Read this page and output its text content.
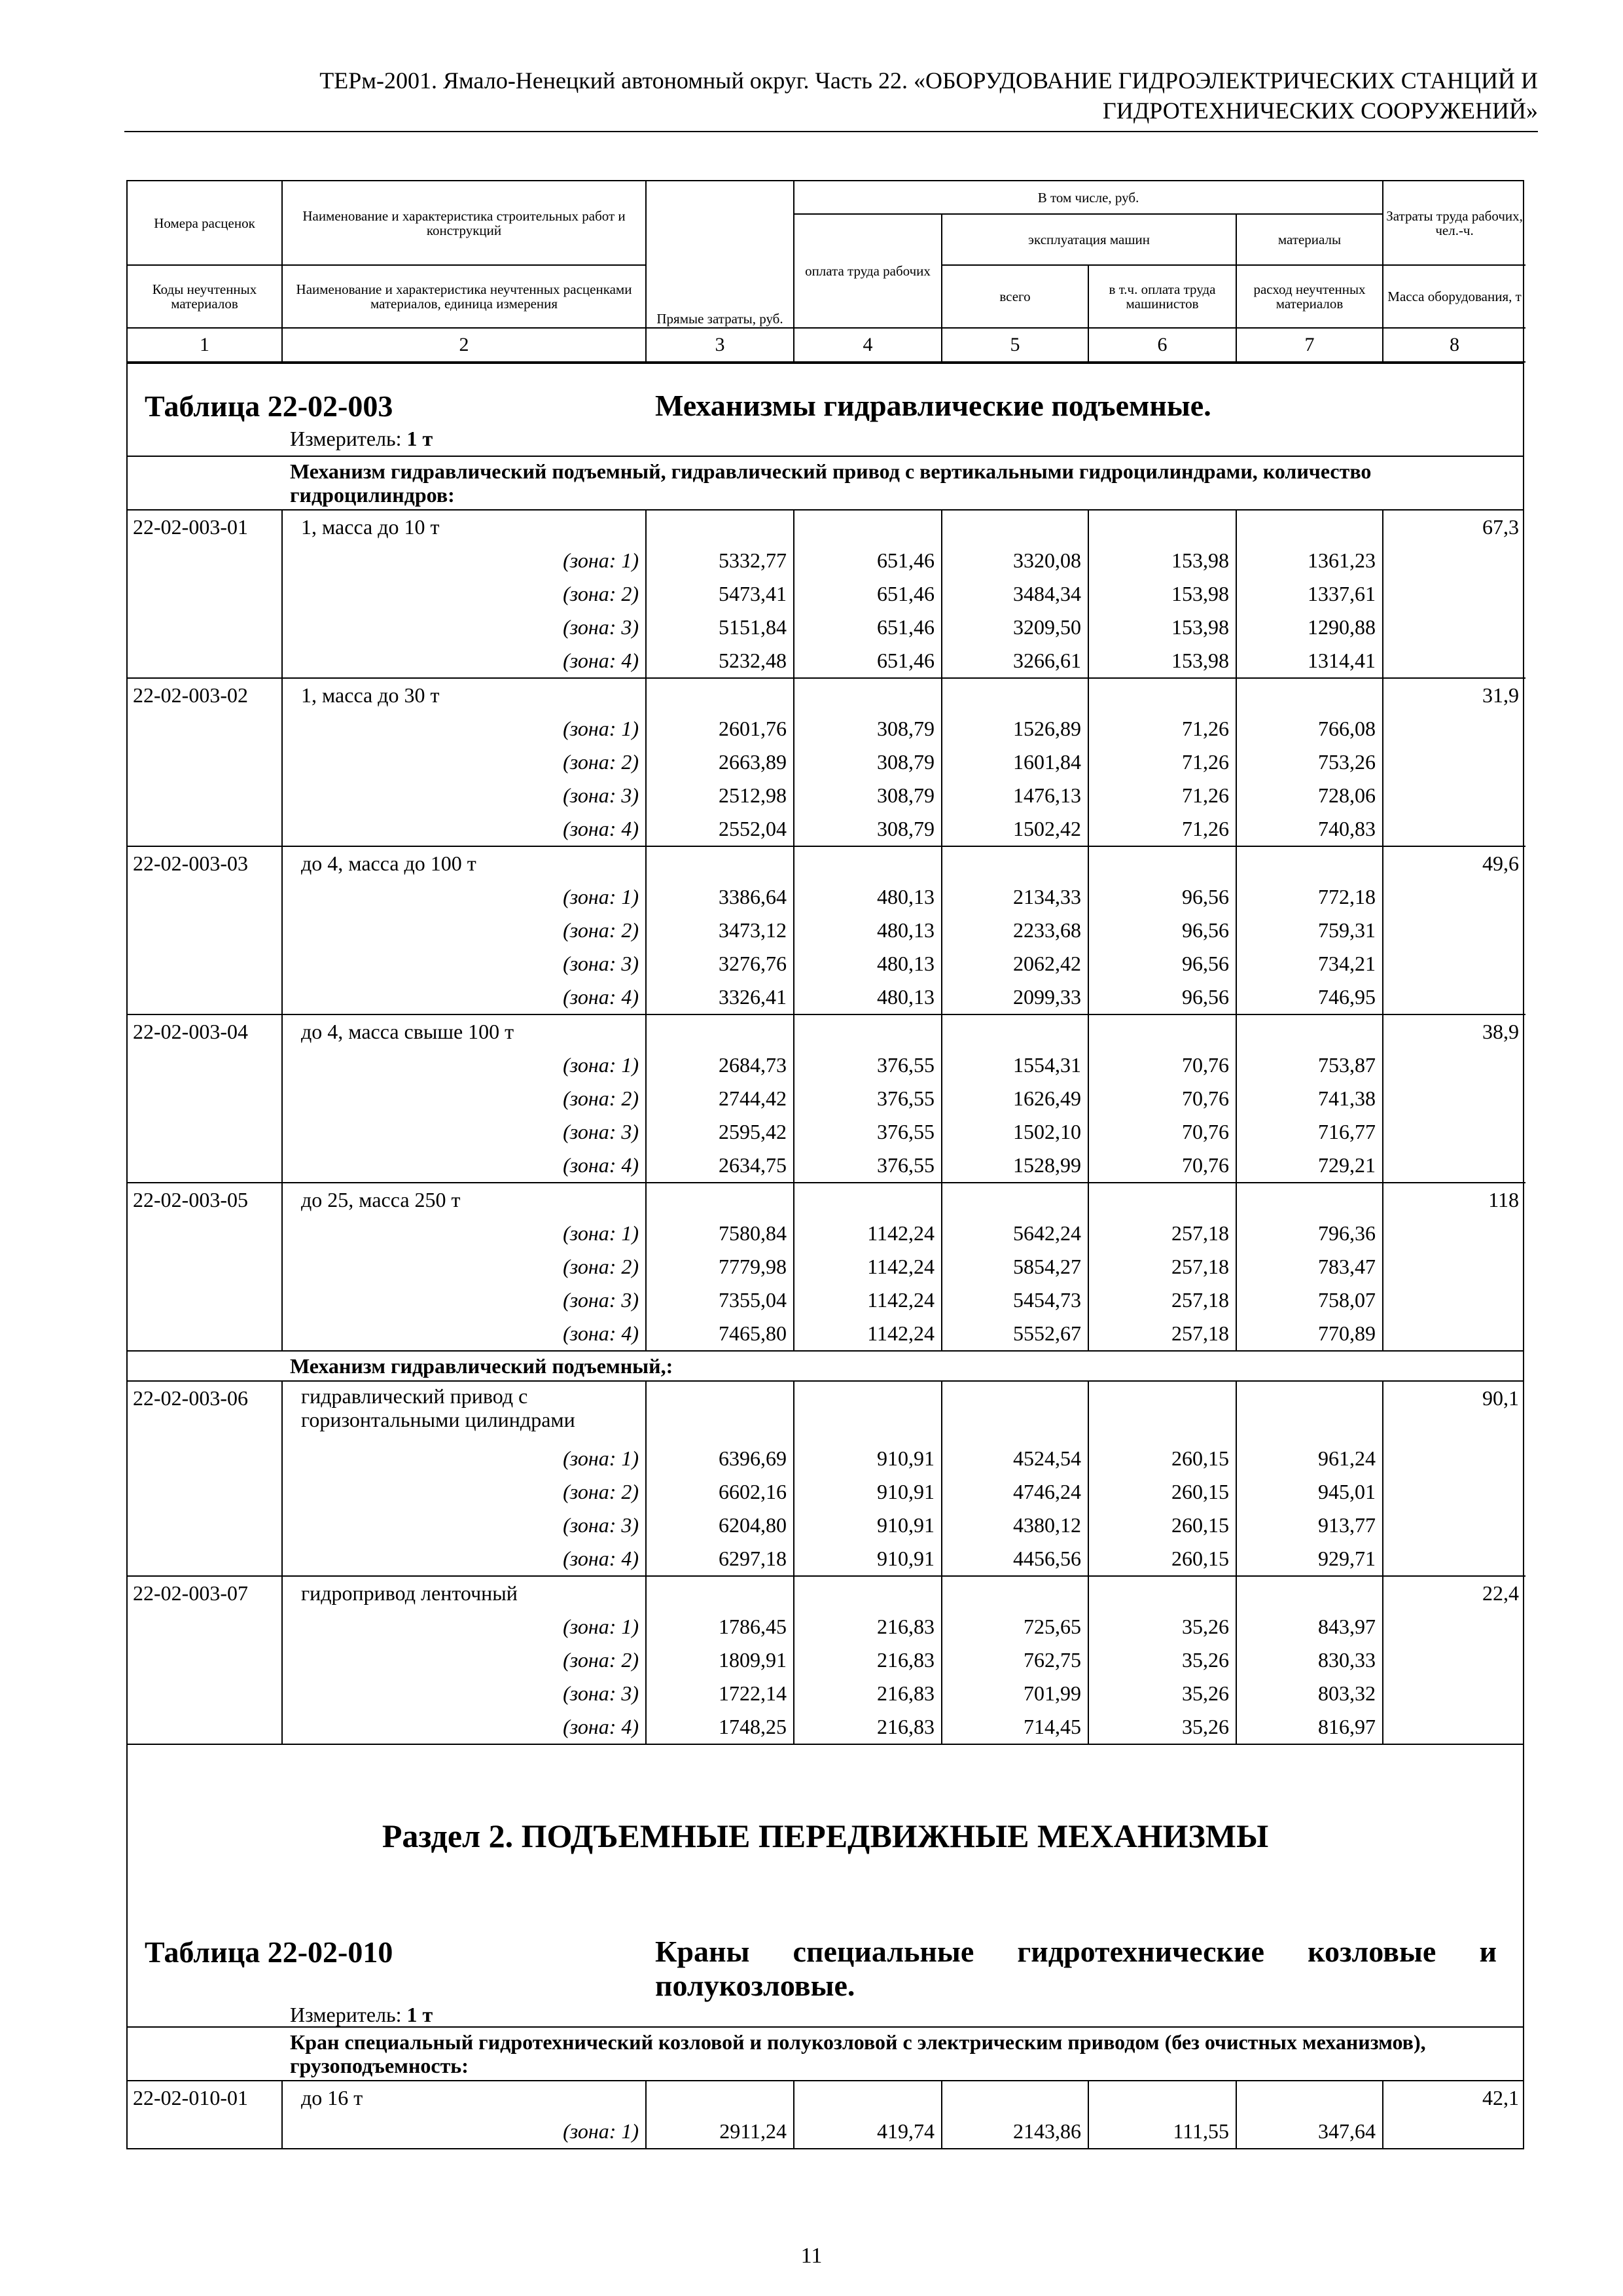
ТЕРм-2001. Ямало-Ненецкий автономный округ. Часть 22. «ОБОРУДОВАНИЕ ГИДРОЭЛЕКТРИЧЕСКИХ СТАНЦИЙ И
ГИДРОТЕХНИЧЕСКИХ СООРУЖЕНИЙ»
Номера расценок	Наименование и характеристика строительных работ и конструкций	Прямые затраты, руб.	В том числе, руб.				Затраты труда рабочих, чел.-ч.
			оплата труда рабочих	эксплуатация машин		материалы	
Коды неучтенных материалов	Наименование и характеристика неучтенных расценками материалов, единица измерения			всего	в т.ч. оплата труда машинистов	расход неучтенных материалов	Масса оборудования, т
1	2	3	4	5	6	7	8
Таблица 22-02-003	Механизмы гидравлические подъемные.
Измеритель: 1 т
Механизм гидравлический подъемный, гидравлический привод с вертикальными гидроцилиндрами, количество гидроцилиндров:
22-02-003-01	1, масса до 10 т						67,3
	(зона: 1)	5332,77	651,46	3320,08	153,98	1361,23	
	(зона: 2)	5473,41	651,46	3484,34	153,98	1337,61	
	(зона: 3)	5151,84	651,46	3209,50	153,98	1290,88	
	(зона: 4)	5232,48	651,46	3266,61	153,98	1314,41	
22-02-003-02	1, масса до 30 т						31,9
	(зона: 1)	2601,76	308,79	1526,89	71,26	766,08	
	(зона: 2)	2663,89	308,79	1601,84	71,26	753,26	
	(зона: 3)	2512,98	308,79	1476,13	71,26	728,06	
	(зона: 4)	2552,04	308,79	1502,42	71,26	740,83	
22-02-003-03	до 4, масса до 100 т						49,6
	(зона: 1)	3386,64	480,13	2134,33	96,56	772,18	
	(зона: 2)	3473,12	480,13	2233,68	96,56	759,31	
	(зона: 3)	3276,76	480,13	2062,42	96,56	734,21	
	(зона: 4)	3326,41	480,13	2099,33	96,56	746,95	
22-02-003-04	до 4, масса свыше 100 т						38,9
	(зона: 1)	2684,73	376,55	1554,31	70,76	753,87	
	(зона: 2)	2744,42	376,55	1626,49	70,76	741,38	
	(зона: 3)	2595,42	376,55	1502,10	70,76	716,77	
	(зона: 4)	2634,75	376,55	1528,99	70,76	729,21	
22-02-003-05	до 25, масса 250 т						118
	(зона: 1)	7580,84	1142,24	5642,24	257,18	796,36	
	(зона: 2)	7779,98	1142,24	5854,27	257,18	783,47	
	(зона: 3)	7355,04	1142,24	5454,73	257,18	758,07	
	(зона: 4)	7465,80	1142,24	5552,67	257,18	770,89	
Механизм гидравлический подъемный,:
22-02-003-06	гидравлический привод с горизонтальными цилиндрами						90,1
	(зона: 1)	6396,69	910,91	4524,54	260,15	961,24	
	(зона: 2)	6602,16	910,91	4746,24	260,15	945,01	
	(зона: 3)	6204,80	910,91	4380,12	260,15	913,77	
	(зона: 4)	6297,18	910,91	4456,56	260,15	929,71	
22-02-003-07	гидропривод ленточный						22,4
	(зона: 1)	1786,45	216,83	725,65	35,26	843,97	
	(зона: 2)	1809,91	216,83	762,75	35,26	830,33	
	(зона: 3)	1722,14	216,83	701,99	35,26	803,32	
	(зона: 4)	1748,25	216,83	714,45	35,26	816,97	
Раздел 2. ПОДЪЕМНЫЕ ПЕРЕДВИЖНЫЕ МЕХАНИЗМЫ
Таблица 22-02-010	Краны специальные гидротехнические козловые и полукозловые.
Измеритель: 1 т
Кран специальный гидротехнический козловой и полукозловой с электрическим приводом (без очистных механизмов), грузоподъемность:
22-02-010-01	до 16 т						42,1
	(зона: 1)	2911,24	419,74	2143,86	111,55	347,64	
11
